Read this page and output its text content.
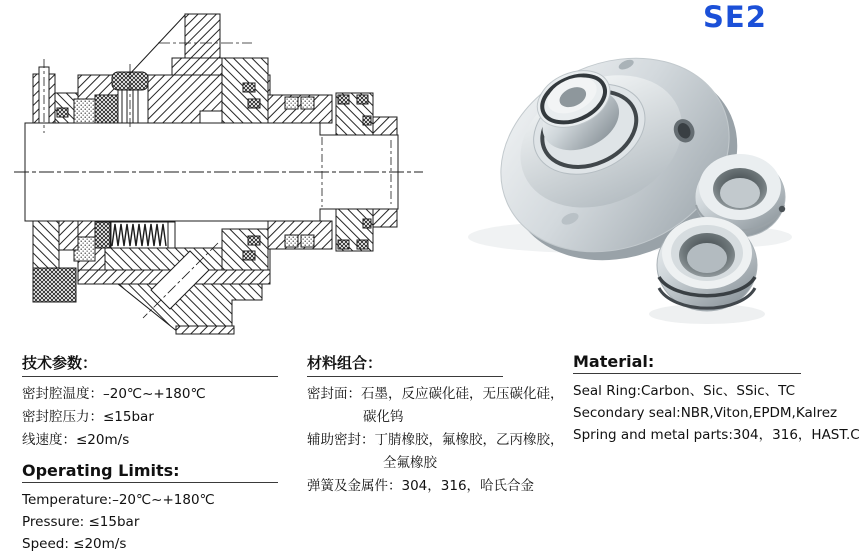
SE2
技术参数：
密封腔温度：–20℃~+180℃
密封腔压力：≤15bar
线速度：≤20m/s
Operating Limits:
Temperature:–20℃~+180℃
Pressure: ≤15bar
Speed: ≤20m/s
材料组合：
密封面：石墨，反应碳化硅，无压碳化硅，
碳化钨
辅助密封：丁腈橡胶，氟橡胶，乙丙橡胶，
全氟橡胶
弹簧及金属件：304，316，哈氏合金
Material:
Seal Ring:Carbon、Sic、SSic、TC
Secondary seal:NBR,Viton,EPDM,Kalrez
Spring and metal parts:304，316，HAST.C
